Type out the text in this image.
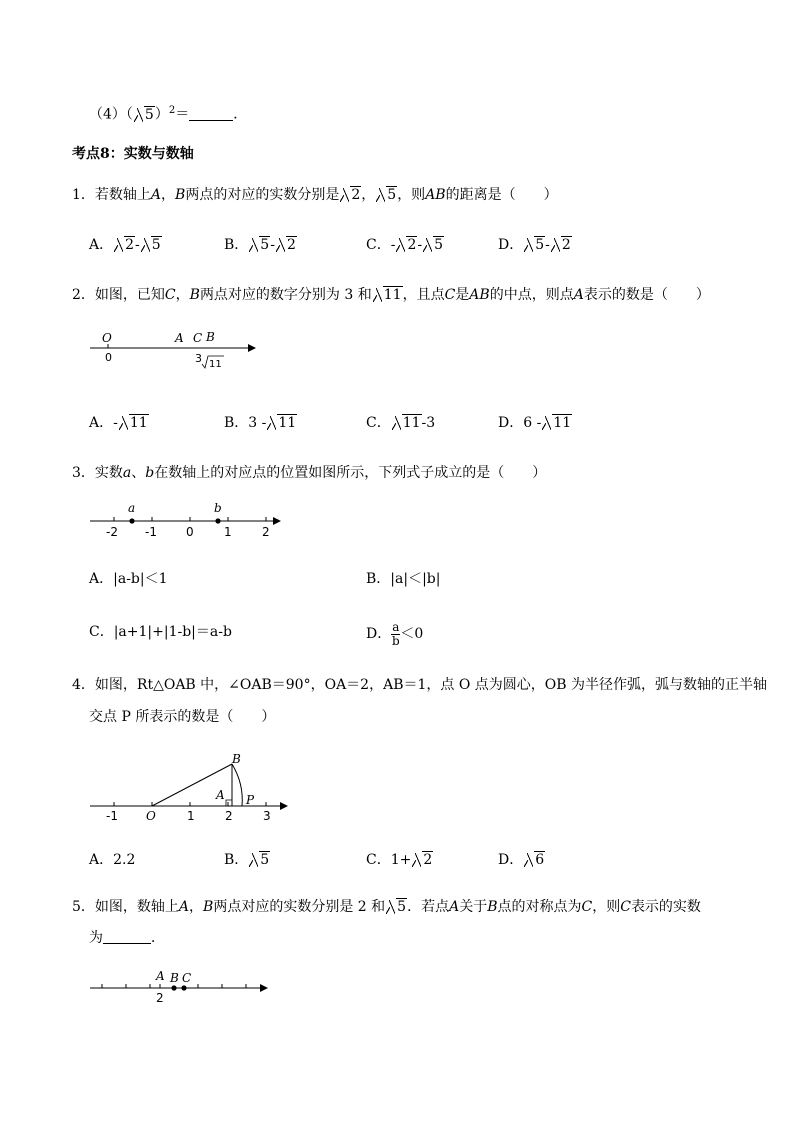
（4）（ 5）$^2$＝	．
考点8：实数与数轴
1．若数轴上A，B两点的对应的实数分别是 2， 5，则AB的距离是（　　）
A． 2- 5	B． 5- 2	C．- 2- 5	D． 5- 2
2．如图，已知C，B两点对应的数字分别为 3 和 11，且点C是AB的中点，则点A表示的数是（　　）
O
0
A C B
3 11
A．- 11	B．3 - 11	C． 11-3	D．6 - 11
3．实数a、b在数轴上的对应点的位置如图所示，下列式子成立的是（　　）
a	b
-2 -1 0	1	2
A．|a-b|＜1	B．|a|＜|b|
C．|a+1|+|1-b|＝a-b	D． $\frac{a}{b} <0$
4．如图，Rt△OAB 中，∠OAB＝90°，OA＝2，AB＝1，点 O 点为圆心，OB 为半径作弧，弧与数轴的正半轴
交点 P 所表示的数是（　　）
B
A P
O
-1	1	2	3
A．2.2	B． 5	C．1+ 2	D． 6
5．如图，数轴上A，B两点对应的实数分别是 2 和 5．若点A关于B点的对称点为C，则C表示的实数
为	．
A B C
2
